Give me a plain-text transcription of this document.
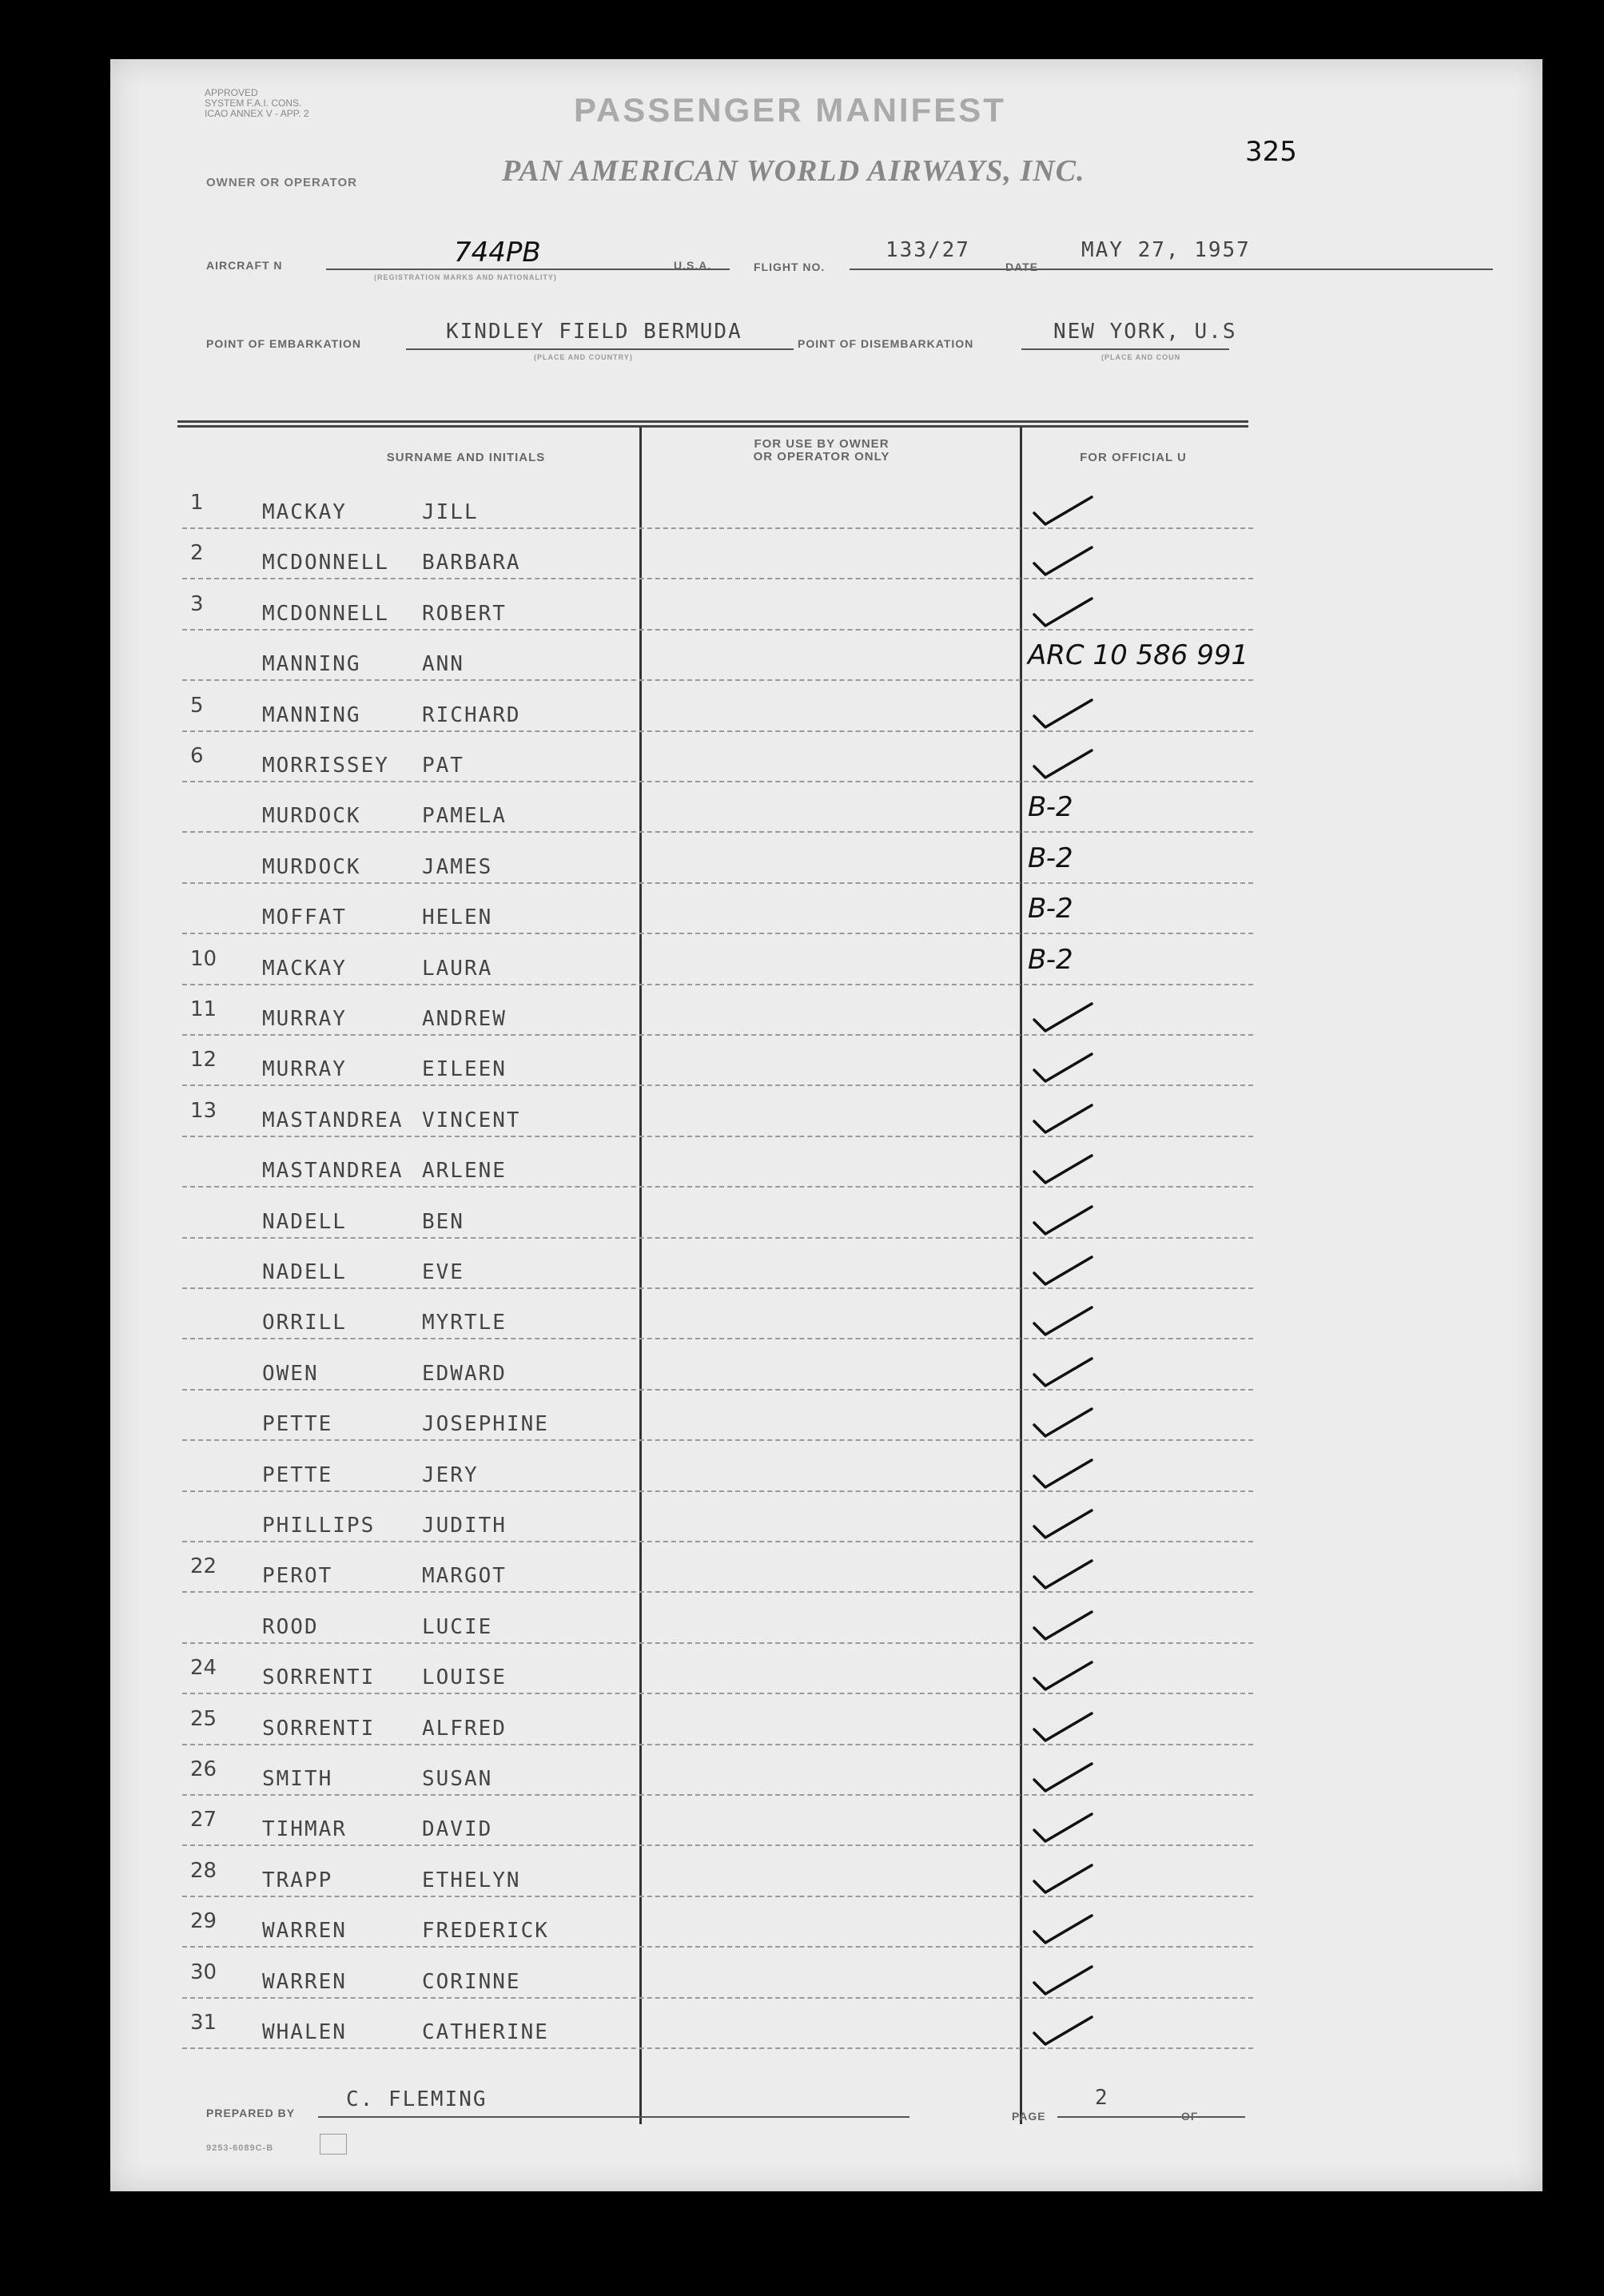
APPROVED
SYSTEM F.A.I. CONS.
ICAO ANNEX V - APP. 2	PASSENGER MANIFEST
325
OWNER OR OPERATOR	PAN AMERICAN WORLD AIRWAYS, INC.
AIRCRAFT N	744PB
(REGISTRATION MARKS AND NATIONALITY)
U.S.A.	FLIGHT NO.
133/27
DATE
MAY 27, 1957
POINT OF EMBARKATION	KINDLEY FIELD BERMUDA
(PLACE AND COUNTRY)
POINT OF DISEMBARKATION	NEW YORK, U.S
(PLACE AND COUN
SURNAME AND INITIALS
FOR USE BY OWNER
OR OPERATOR ONLY	FOR OFFICIAL U
1	MACKAY	JILL
2	MCDONNELL BARBARA
3	MCDONNELL ROBERT
MANNING	ANN	ARC 10 586 991
5	MANNING	RICHARD
6	MORRISSEY PAT
MURDOCK	PAMELA	B-2
MURDOCK	JAMES	B-2
MOFFAT	HELEN	B-2
10 MACKAY	LAURA	B-2
11 MURRAY	ANDREW
12 MURRAY	EILEEN
13 MASTANDREA VINCENT
MASTANDREA ARLENE
NADELL	BEN
NADELL	EVE
ORRILL	MYRTLE
OWEN	EDWARD
PETTE	JOSEPHINE
PETTE	JERY
PHILLIPS JUDITH
22 PEROT	MARGOT
ROOD	LUCIE
24 SORRENTI LOUISE
25 SORRENTI ALFRED
26 SMITH	SUSAN
27 TIHMAR	DAVID
28 TRAPP	ETHELYN
29 WARREN	FREDERICK
30 WARREN	CORINNE
31 WHALEN	CATHERINE
PREPARED BY
C. FLEMING
PAGE
2
OF
9253-6089C-B
